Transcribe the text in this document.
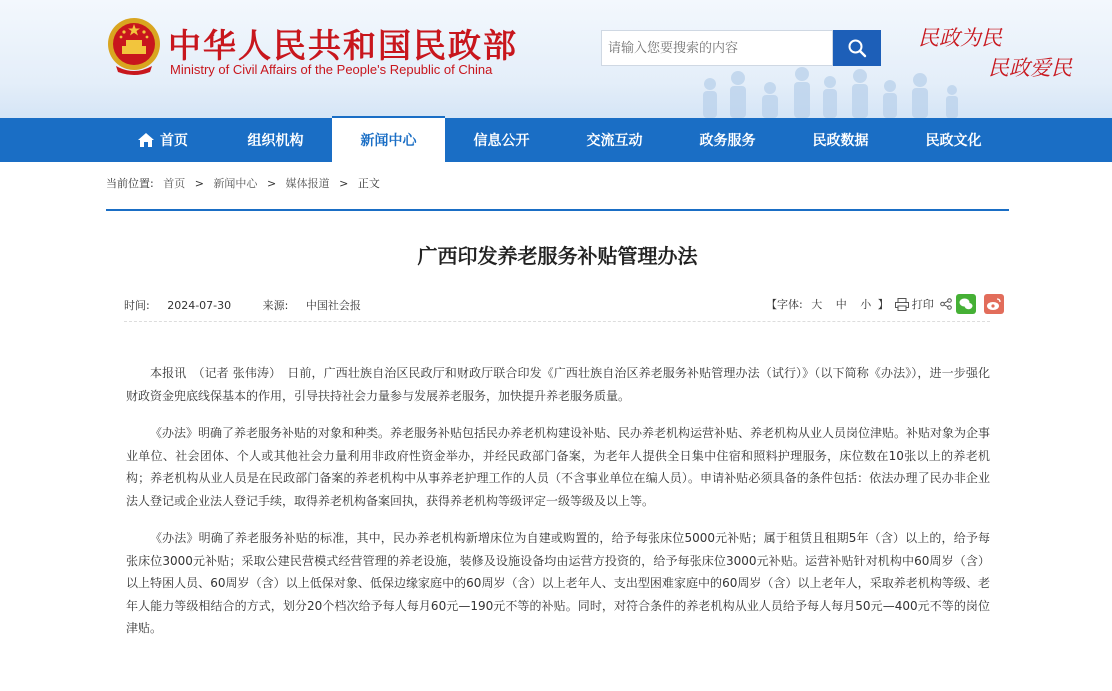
中华人民共和国民政部
Ministry of Civil Affairs of the People's Republic of China
请输入您要搜索的内容
民政为民
民政爱民
首页	组织机构	新闻中心	信息公开	交流互动	政务服务	民政数据	民政文化
当前位置: 首页 > 新闻中心 > 媒体报道 > 正文
广西印发养老服务补贴管理办法
时间: 2024-07-30	来源: 中国社会报	【字体: 大 中 小 】 打印

本报讯　（记者 张伟涛）　日前，广西壮族自治区民政厅和财政厅联合印发《广西壮族自治区养老服务补贴管理办法（试行）》（以下简称《办法》），进一步强化财政资金兜底线保基本的作用，引导扶持社会力量参与发展养老服务，加快提升养老服务质量。

《办法》明确了养老服务补贴的对象和种类。养老服务补贴包括民办养老机构建设补贴、民办养老机构运营补贴、养老机构从业人员岗位津贴。补贴对象为企事业单位、社会团体、个人或其他社会力量利用非政府性资金举办，并经民政部门备案，为老年人提供全日集中住宿和照料护理服务，床位数在10张以上的养老机构；养老机构从业人员是在民政部门备案的养老机构中从事养老护理工作的人员（不含事业单位在编人员）。申请补贴必须具备的条件包括：依法办理了民办非企业法人登记或企业法人登记手续，取得养老机构备案回执，获得养老机构等级评定一级等级及以上等。

《办法》明确了养老服务补贴的标准，其中，民办养老机构新增床位为自建或购置的，给予每张床位5000元补贴；属于租赁且租期5年（含）以上的，给予每张床位3000元补贴；采取公建民营模式经营管理的养老设施，装修及设施设备均由运营方投资的，给予每张床位3000元补贴。运营补贴针对机构中60周岁（含）以上特困人员、60周岁（含）以上低保对象、低保边缘家庭中的60周岁（含）以上老年人、支出型困难家庭中的60周岁（含）以上老年人，采取养老机构等级、老年人能力等级相结合的方式，划分20个档次给予每人每月60元—190元不等的补贴。同时，对符合条件的养老机构从业人员给予每人每月50元—400元不等的岗位津贴。
